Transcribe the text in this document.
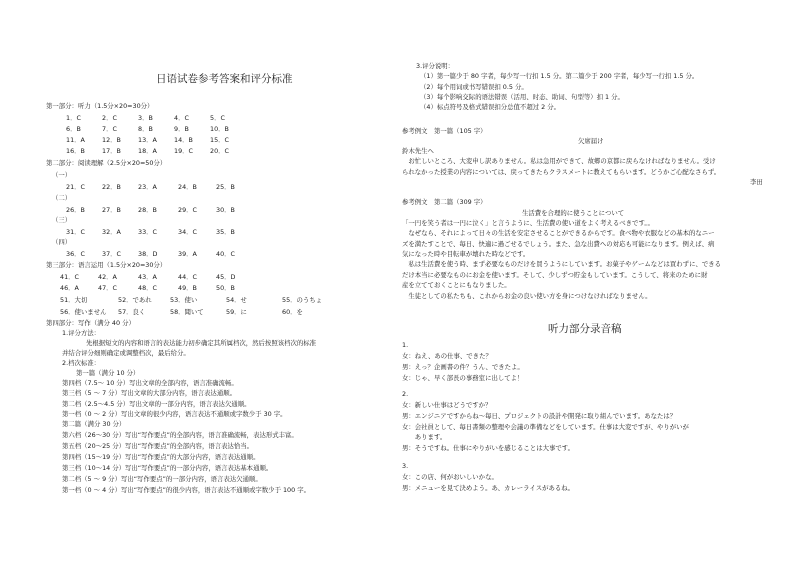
日语试卷参考答案和评分标准
第一部分：听力（1.5分×20=30分）
1．C	2．C	3．B	4．C	5．C
6．B	7．C	8．B	9．B	10．B
11．A	12．B	13．A	14．B	15．C
16．B	17．B	18．A	19．C	20．C
第二部分：阅读理解（2.5分×20=50分）
（一）
21．C	22．B	23．A	24．B	25．B
（二）
26．B	27．B	28．B	29．C	30．B
（三）
31．C	32．A	33．C	34．C	35．B
（四）
36．C	37．C	38．D	39．A	40．C
第三部分：语言运用（1.5分×20=30分）
41．C	42．A	43．A	44．C	45．D
46．A	47．C	48．C	49．B	50．B
51．大切	52．であれ	53．使い	54．せ	55．のうちょ
56．使いません 57．良く	58．聞いて	59．に	60．を
第四部分：写作（满分 40 分）
1.评分方法：
先根据短文的内容和语言的表达能力初步确定其所属档次，然后按照该档次的标准
并结合评分细则确定或调整档次，最后给分。
2.档次标准：
第一篇（满分 10 分）
第四档（7.5～ 10 分）写出文章的全部内容，语言准确流畅。
第三档（5 ～ 7 分）写出文章的大部分内容，语言表达通顺。
第二档（2.5～4.5 分）写出文章的一部分内容，语言表达欠通顺。
第一档（0 ～ 2 分）写出文章的很少内容，语言表达不通顺或字数少于 30 字。
第二篇（满分 30 分）
第六档（26～30 分）写出“写作要点”的全部内容，语言准确流畅，表达形式丰富。
第五档（20～25 分）写出“写作要点”的全部内容，语言表达恰当。
第四档（15～19 分）写出“写作要点”的大部分内容，语言表达通顺。
第三档（10～14 分）写出“写作要点”的一部分内容，语言表达基本通顺。
第二档（5 ～ 9 分）写出“写作要点”的一部分内容，语言表达欠通顺。
第一档（0 ～ 4 分）写出“写作要点”的很少内容，语言表达不通顺或字数少于 100 字。
3.评分说明：
（1）第一篇少于 80 字者，每少写一行扣 1.5 分。第二篇少于 200 字者，每少写一行扣 1.5 分。
（2）每个用词或书写错误扣 0.5 分。
（3）每个影响交际的语法错误（活用、时态、助词、句型等）扣 1 分。
（4）标点符号及格式错误扣分总值不超过 2 分。
参考例文　第一篇（105 字）
欠席届け
鈴木先生へ
　お忙しいところ、大変申し訳ありません。私は急用ができて、故郷の京都に戻らなければなりません。受け
られなかった授業の内容については、戻ってきたらクラスメートに教えてもらいます。どうかご心配なさらず。
李田
参考例文　第二篇（309 字）
生活費を合理的に使うことについて
「一円を笑う者は一円に泣く」と言うように、生活費の使い道をよく考えるべきです。。
　なぜなら、それによって日々の生活を安定させることができるからです。食べ物や衣服などの基本的なニー
ズを満たすことで、毎日、快適に過ごせるでしょう。また、急な出費への対応も可能になります。例えば、病
気になった時や目転車が壊れた時などです。
　私は生活費を使う時、まず必要なものだけを買うようにしています。お菓子やゲームなどは買わずに、できる
だけ本当に必要なものにお金を使います。そして、少しずつ貯金もしています。こうして、将来のために財
産を立てておくことにもなりました。
　生徒としての私たちも、これからお金の良い使い方を身につけなければなりません。
听力部分录音稿
1.
女：ねえ、あの仕事、できた？
男：えっ？企画書の件？うん、できたよ。
女：じゃ、早く部長の事務室に出してよ！
2.
女：新しい仕事はどうですか？
男：エンジニアですからね～毎日、プロジェクトの設計や開発に取り組んでいます。あなたは？
女：会社員として、毎日書類の整理や会議の準備などをしています。仕事は大変ですが、やりがいが
　　あります。
男：そうですね。仕事にやりがいを感じることは大事です。
3.
女：この店、何がおいしいかな。
男：メニューを見て決めよう。あ、カレーライスがあるね。
